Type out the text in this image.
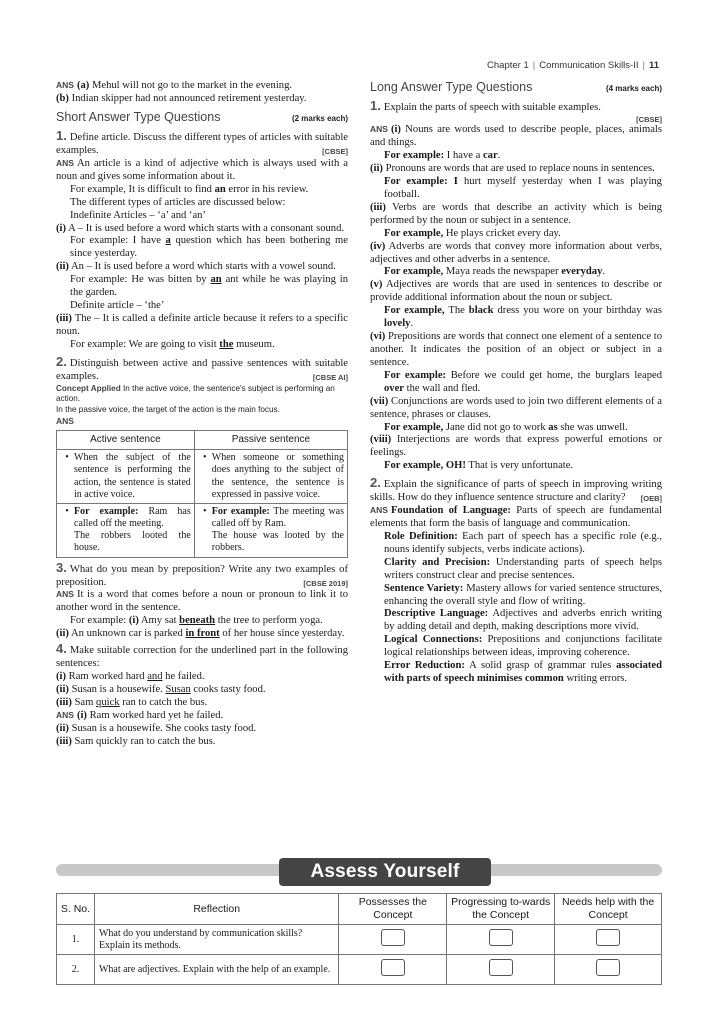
Chapter 1 | Communication Skills-II | 11

ANS (a) Mehul will not go to the market in the evening.

(b) Indian skipper had not announced retirement yesterday.

Short Answer Type Questions	(2 marks each)

1. Define article. Discuss the different types of articles with suitable examples.	[CBSE]

ANS An article is a kind of adjective which is always used with a noun and gives some information about it.

For example, It is difficult to find an error in his review.

The different types of articles are discussed below:

Indefinite Articles – ‘a’ and ‘an’

(i) A – It is used before a word which starts with a consonant sound.

For example: I have a question which has been bothering me since yesterday.

(ii) An – It is used before a word which starts with a vowel sound.

For example: He was bitten by an ant while he was playing in the garden.

Definite article – ‘the’

(iii) The – It is called a definite article because it refers to a specific noun.

For example: We are going to visit the museum.

2. Distinguish between active and passive sentences with suitable examples.	[CBSE AI]

Concept Applied In the active voice, the sentence's subject is performing an action.
In the passive voice, the target of the action is the main focus.
ANS
Active sentence	Passive sentence

• When the subject of the sentence is performing the action, the sentence is stated in active voice.	• When someone or something does anything to the subject of the sentence, the sentence is expressed in passive voice.

• For example: Ram has called off the meeting.
The robbers looted the house.	• For example: The meeting was called off by Ram.
The house was looted by the robbers.

3. What do you mean by preposition? Write any two examples of preposition.	[CBSE 2019]

ANS It is a word that comes before a noun or pronoun to link it to another word in the sentence.

For example: (i) Amy sat beneath the tree to perform yoga.

(ii) An unknown car is parked in front of her house since yesterday.

4. Make suitable correction for the underlined part in the following sentences:

(i) Ram worked hard and he failed.

(ii) Susan is a housewife. Susan cooks tasty food.

(iii) Sam quick ran to catch the bus.

ANS (i) Ram worked hard yet he failed.

(ii) Susan is a housewife. She cooks tasty food.

(iii) Sam quickly ran to catch the bus.

Long Answer Type Questions	(4 marks each)

1. Explain the parts of speech with suitable examples.

[CBSE]

ANS (i) Nouns are words used to describe people, places, animals and things.

For example: I have a car.

(ii) Pronouns are words that are used to replace nouns in sentences.

For example: I hurt myself yesterday when I was playing football.

(iii) Verbs are words that describe an activity which is being performed by the noun or subject in a sentence.

For example, He plays cricket every day.

(iv) Adverbs are words that convey more information about verbs, adjectives and other adverbs in a sentence.

For example, Maya reads the newspaper everyday.

(v) Adjectives are words that are used in sentences to describe or provide additional information about the noun or subject.

For example, The black dress you wore on your birthday was lovely.

(vi) Prepositions are words that connect one element of a sentence to another. It indicates the position of an object or subject in a sentence.

For example: Before we could get home, the burglars leaped over the wall and fled.

(vii) Conjunctions are words used to join two different elements of a sentence, phrases or clauses.

For example, Jane did not go to work as she was unwell.

(viii) Interjections are words that express powerful emotions or feelings.

For example, OH! That is very unfortunate.

2. Explain the significance of parts of speech in improving writing skills. How do they influence sentence structure and clarity? [OEB]

ANS Foundation of Language: Parts of speech are fundamental elements that form the basis of language and communication.

Role Definition: Each part of speech has a specific role (e.g., nouns identify subjects, verbs indicate actions).

Clarity and Precision: Understanding parts of speech helps writers construct clear and precise sentences.

Sentence Variety: Mastery allows for varied sentence structures, enhancing the overall style and flow of writing.

Descriptive Language: Adjectives and adverbs enrich writing by adding detail and depth, making descriptions more vivid.

Logical Connections: Prepositions and conjunctions facilitate logical relationships between ideas, improving coherence.

Error Reduction: A solid grasp of grammar rules associated with parts of speech minimises common writing errors.

Assess Yourself
S. No.	Reflection	Possesses the Concept	Progressing to-wards the Concept	Needs help with the Concept
1.	What do you understand by communication skills? Explain its methods.			
2.	What are adjectives. Explain with the help of an example.			
